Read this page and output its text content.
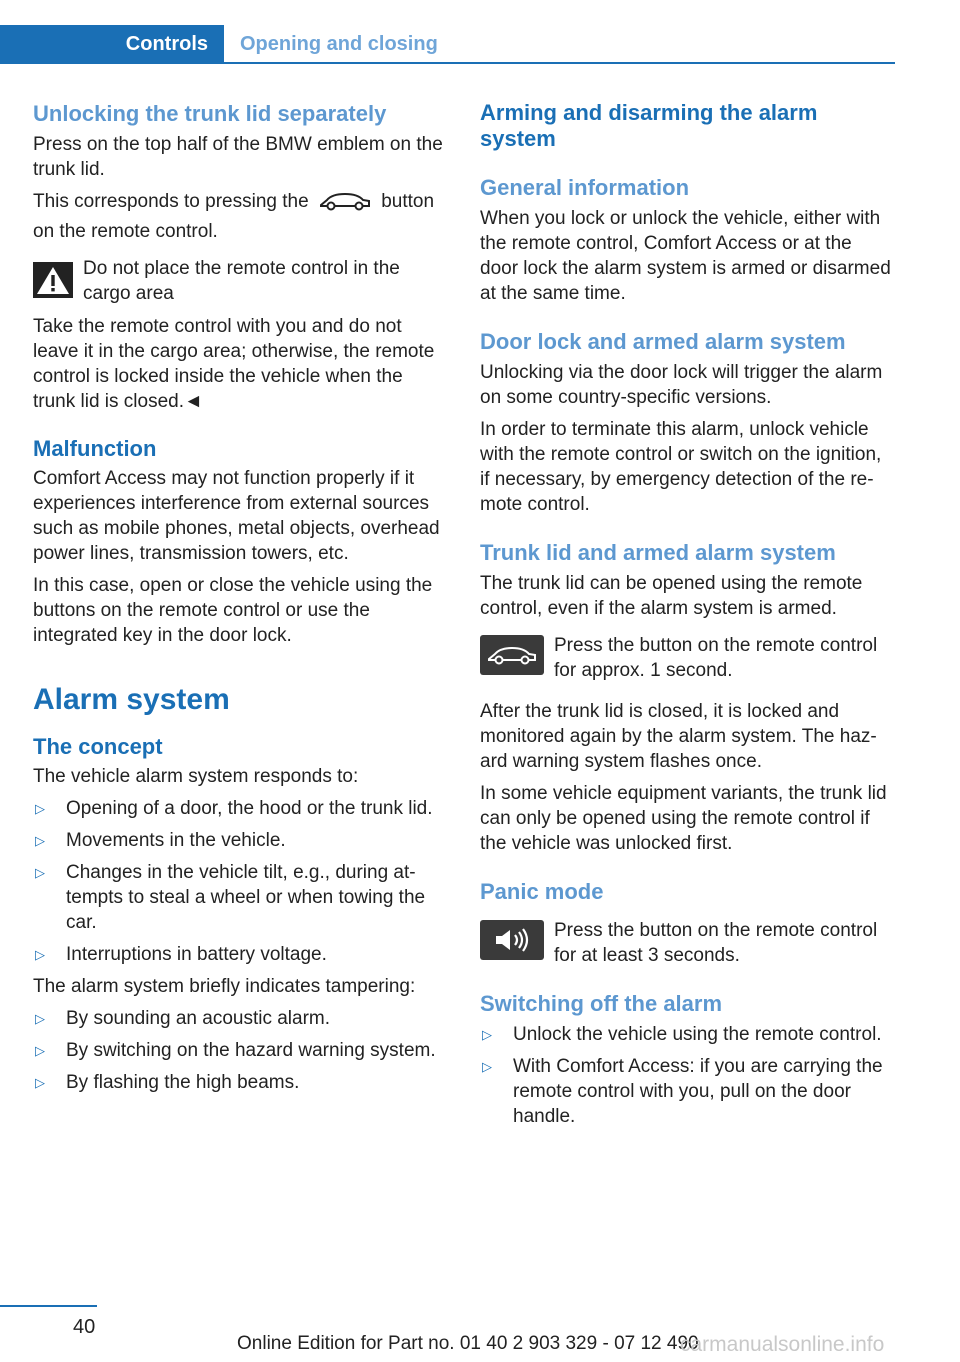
Controls Opening and closing
Unlocking the trunk lid separately

Press on the top half of the BMW emblem on the trunk lid.

This corresponds to pressing the	button on the remote control.

Do not place the remote control in the cargo area

Take the remote control with you and do not leave it in the cargo area; otherwise, the remote control is locked inside the vehicle when the trunk lid is closed.◄

Malfunction

Comfort Access may not function properly if it experiences interference from external sources such as mobile phones, metal objects, overhead power lines, transmission towers, etc.

In this case, open or close the vehicle using the buttons on the remote control or use the integrated key in the door lock.

Alarm system
The concept

The vehicle alarm system responds to:

▷ Opening of a door, the hood or the trunk lid.
▷ Movements in the vehicle.
▷ Changes in the vehicle tilt, e.g., during attempts to steal a wheel or when towing the car.
▷ Interruptions in battery voltage.

The alarm system briefly indicates tampering:

▷ By sounding an acoustic alarm.
▷ By switching on the hazard warning system.
▷ By flashing the high beams.
Arming and disarming the alarm system
General information

When you lock or unlock the vehicle, either with the remote control, Comfort Access or at the door lock the alarm system is armed or disarmed at the same time.

Door lock and armed alarm system

Unlocking via the door lock will trigger the alarm on some country-specific versions.

In order to terminate this alarm, unlock vehicle with the remote control or switch on the ignition, if necessary, by emergency detection of the remote control.

Trunk lid and armed alarm system

The trunk lid can be opened using the remote control, even if the alarm system is armed.

Press the button on the remote control for approx. 1 second.

After the trunk lid is closed, it is locked and monitored again by the alarm system. The hazard warning system flashes once.

In some vehicle equipment variants, the trunk lid can only be opened using the remote control if the vehicle was unlocked first.

Panic mode
Press the button on the remote control for at least 3 seconds.
Switching off the alarm
▷ Unlock the vehicle using the remote control.
▷ With Comfort Access: if you are carrying the remote control with you, pull on the door handle.
40
Online Edition for Part no. 01 40 2 903 329 - 07 12 490
carmanualsonline.info
